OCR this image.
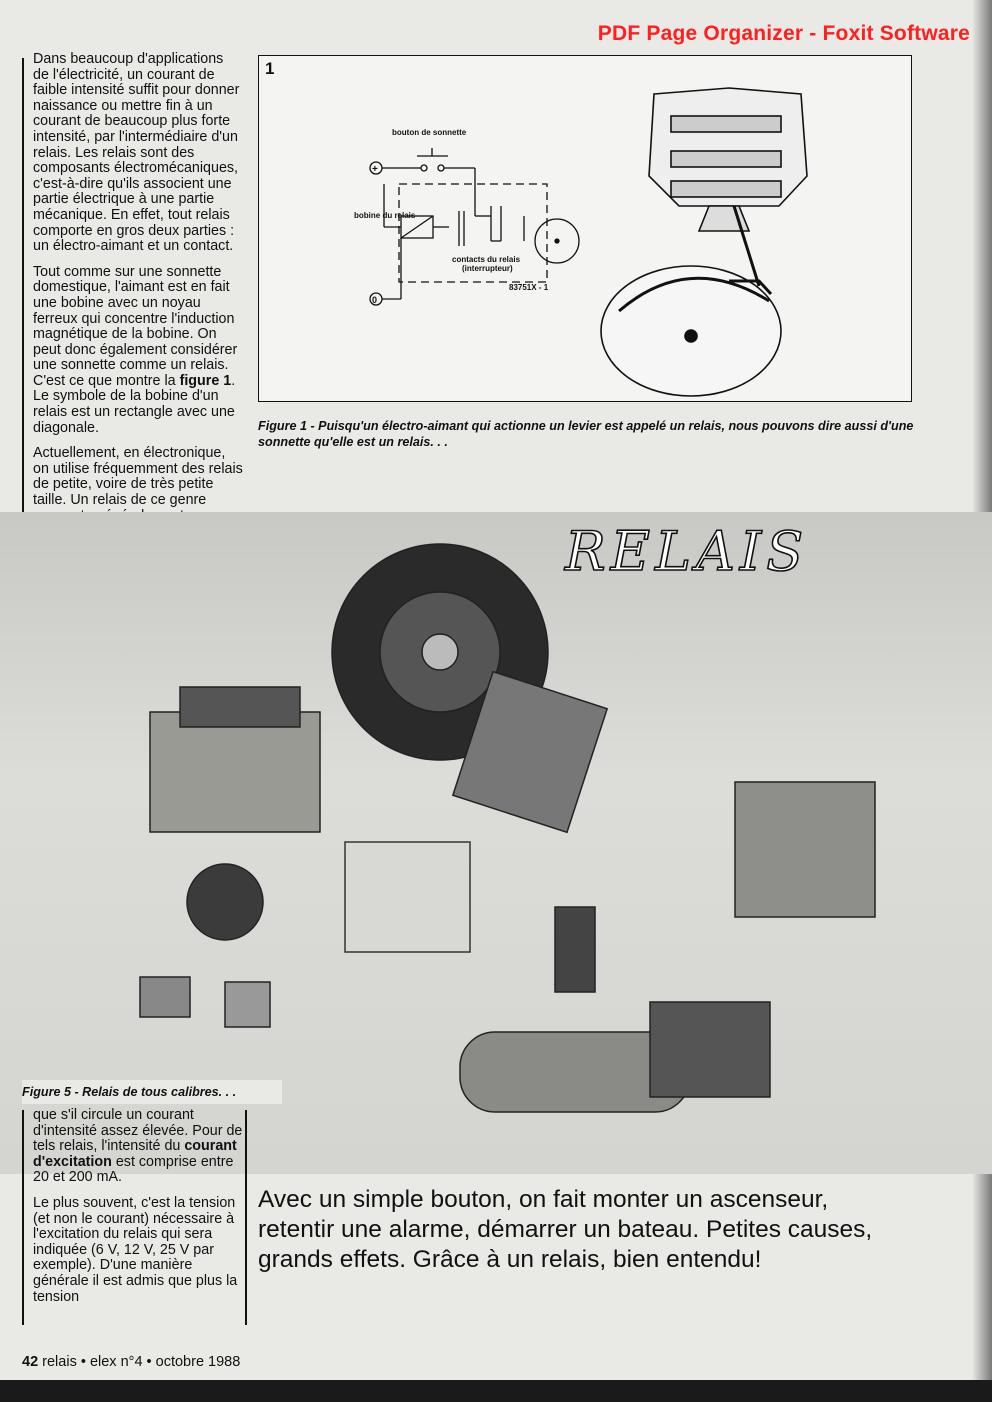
PDF Page Organizer - Foxit Software

Dans beaucoup d'applications de l'électricité, un courant de faible intensité suffit pour donner naissance ou mettre fin à un courant de beaucoup plus forte intensité, par l'intermédiaire d'un relais. Les relais sont des composants électromécaniques, c'est-à-dire qu'ils associent une partie électrique à une partie mécanique. En effet, tout relais comporte en gros deux parties : un électro-aimant et un contact.

Tout comme sur une sonnette domestique, l'aimant est en fait une bobine avec un noyau ferreux qui concentre l'induction magnétique de la bobine. On peut donc également considérer une sonnette comme un relais. C'est ce que montre la figure 1. Le symbole de la bobine d'un relais est un rectangle avec une diagonale.

Actuellement, en électronique, on utilise fréquemment des relais de petite, voire de très petite taille. Un relais de ce genre

1
bouton de sonnette
+
0
bobine du relais
contacts du relais
(interrupteur)
83751X - 1
Figure 1 - Puisqu'un électro-aimant qui actionne un levier est appelé un relais, nous pouvons dire aussi d'une sonnette qu'elle est un relais. . .
RELAIS
Figure 5 - Relais de tous calibres. . .

que s'il circule un courant d'intensité assez élevée. Pour de tels relais, l'intensité du courant d'excitation est comprise entre 20 et 200 mA.

Le plus souvent, c'est la tension (et non le courant) nécessaire à l'excitation du relais qui sera indiquée (6 V, 12 V, 25 V par exemple). D'une manière générale il est admis que plus la tension

Avec un simple bouton, on fait monter un ascenseur, retentir une alarme, démarrer un bateau. Petites causes, grands effets. Grâce à un relais, bien entendu!
42 relais • elex n°4 • octobre 1988
